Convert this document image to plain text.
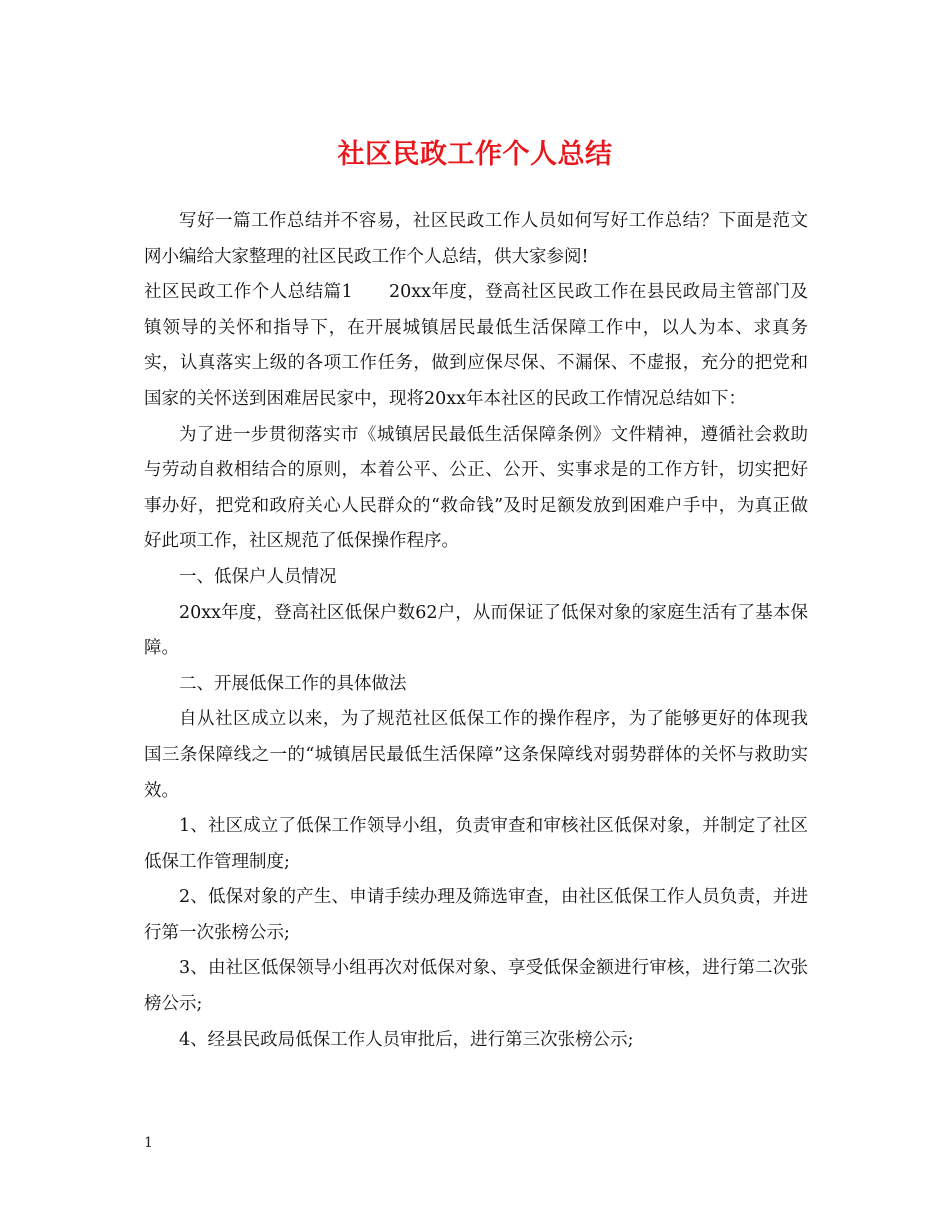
社区民政工作个人总结

写好一篇工作总结并不容易，社区民政工作人员如何写好工作总结？下面是范文网小编给大家整理的社区民政工作个人总结，供大家参阅!

社区民政工作个人总结篇1　　20xx年度，登高社区民政工作在县民政局主管部门及镇领导的关怀和指导下，在开展城镇居民最低生活保障工作中，以人为本、求真务实，认真落实上级的各项工作任务，做到应保尽保、不漏保、不虚报，充分的把党和国家的关怀送到困难居民家中，现将20xx年本社区的民政工作情况总结如下：

为了进一步贯彻落实市《城镇居民最低生活保障条例》文件精神，遵循社会救助与劳动自救相结合的原则，本着公平、公正、公开、实事求是的工作方针，切实把好事办好，把党和政府关心人民群众的“救命钱”及时足额发放到困难户手中，为真正做好此项工作，社区规范了低保操作程序。

一、低保户人员情况

20xx年度，登高社区低保户数62户，从而保证了低保对象的家庭生活有了基本保障。

二、开展低保工作的具体做法

自从社区成立以来，为了规范社区低保工作的操作程序，为了能够更好的体现我国三条保障线之一的“城镇居民最低生活保障”这条保障线对弱势群体的关怀与救助实效。

1、社区成立了低保工作领导小组，负责审查和审核社区低保对象，并制定了社区低保工作管理制度;

2、低保对象的产生、申请手续办理及筛选审查，由社区低保工作人员负责，并进行第一次张榜公示;

3、由社区低保领导小组再次对低保对象、享受低保金额进行审核，进行第二次张榜公示;

4、经县民政局低保工作人员审批后，进行第三次张榜公示;

1
